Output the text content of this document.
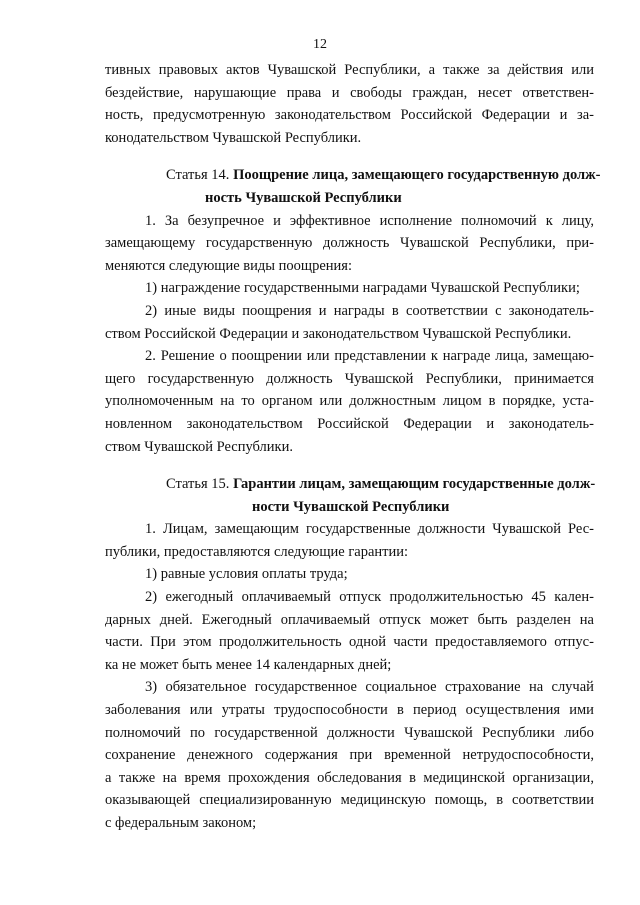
12
тивных правовых актов Чувашской Республики, а также за действия или
бездействие, нарушающие права и свободы граждан, несет ответствен-
ность, предусмотренную законодательством Российской Федерации и за-
конодательством Чувашской Республики.
Статья 14.
Поощрение лица, замещающего государственную долж-
ность Чувашской Республики
1. За безупречное и эффективное исполнение полномочий к лицу,
замещающему государственную должность Чувашской Республики, при-
меняются следующие виды поощрения:
1) награждение государственными наградами Чувашской Республики;
2) иные виды поощрения и награды в соответствии с законодатель-
ством Российской Федерации и законодательством Чувашской Республики.
2. Решение о поощрении или представлении к награде лица, замещаю-
щего государственную должность Чувашской Республики, принимается
уполномоченным на то органом или должностным лицом в порядке, уста-
новленном законодательством Российской Федерации и законодатель-
ством Чувашской Республики.
Статья 15.
Гарантии лицам, замещающим государственные долж-
ности Чувашской Республики
1. Лицам, замещающим государственные должности Чувашской Рес-
публики, предоставляются следующие гарантии:
1) равные условия оплаты труда;
2) ежегодный оплачиваемый отпуск продолжительностью 45 кален-
дарных дней. Ежегодный оплачиваемый отпуск может быть разделен на
части. При этом продолжительность одной части предоставляемого отпус-
ка не может быть менее 14 календарных дней;
3) обязательное государственное социальное страхование на случай
заболевания или утраты трудоспособности в период осуществления ими
полномочий по государственной должности Чувашской Республики либо
сохранение денежного содержания при временной нетрудоспособности,
а также на время прохождения обследования в медицинской организации,
оказывающей специализированную медицинскую помощь, в соответствии
с федеральным законом;
